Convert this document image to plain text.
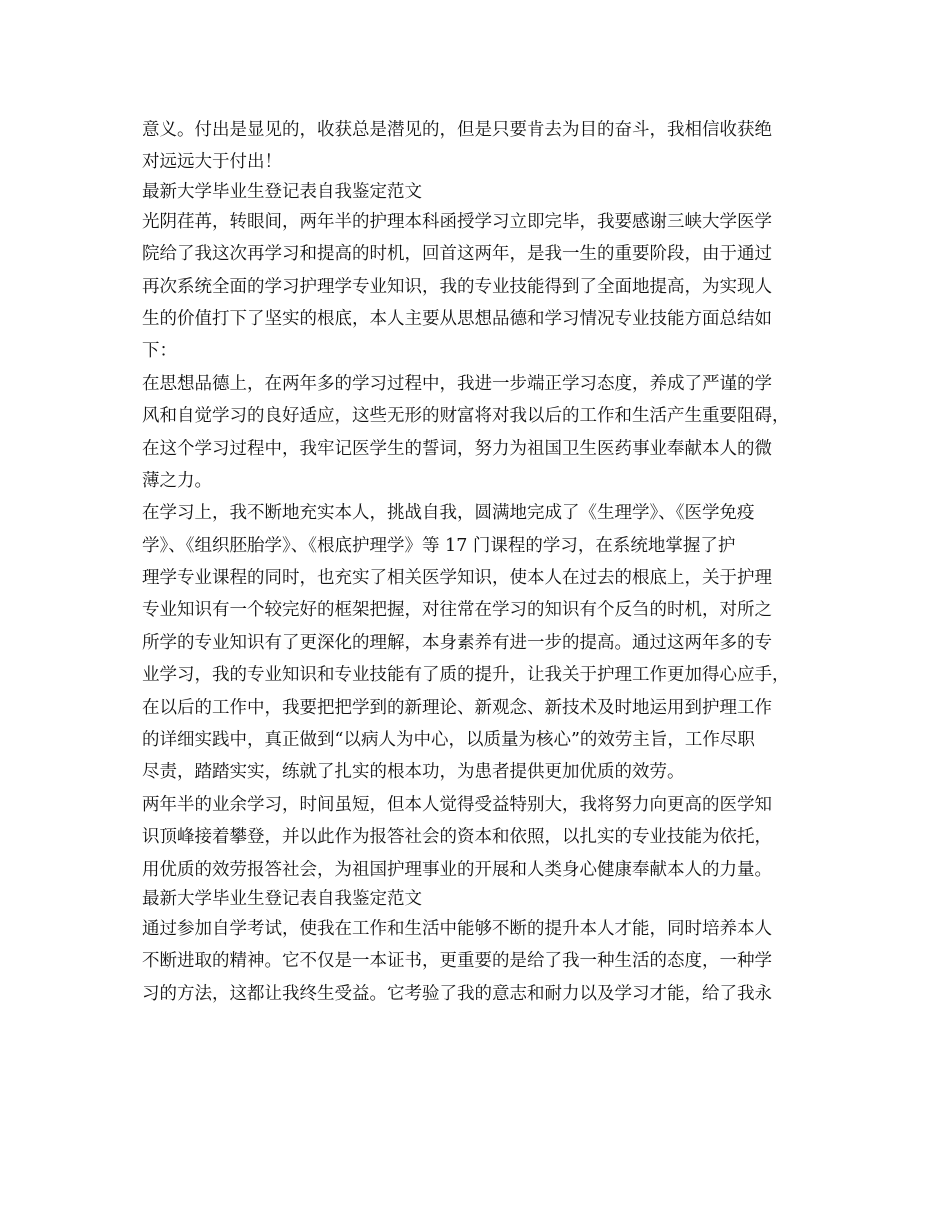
意义。付出是显见的，收获总是潜见的，但是只要肯去为目的奋斗，我相信收获绝
对远远大于付出！
最新大学毕业生登记表自我鉴定范文
光阴荏苒，转眼间，两年半的护理本科函授学习立即完毕，我要感谢三峡大学医学
院给了我这次再学习和提高的时机，回首这两年，是我一生的重要阶段，由于通过
再次系统全面的学习护理学专业知识，我的专业技能得到了全面地提高，为实现人
生的价值打下了坚实的根底，本人主要从思想品德和学习情况专业技能方面总结如
下：
在思想品德上，在两年多的学习过程中，我进一步端正学习态度，养成了严谨的学
风和自觉学习的良好适应，这些无形的财富将对我以后的工作和生活产生重要阻碍，
在这个学习过程中，我牢记医学生的誓词，努力为祖国卫生医药事业奉献本人的微
薄之力。
在学习上，我不断地充实本人，挑战自我，圆满地完成了《生理学》、《医学免疫
学》、《组织胚胎学》、《根底护理学》等 17 门课程的学习，在系统地掌握了护
理学专业课程的同时，也充实了相关医学知识，使本人在过去的根底上，关于护理
专业知识有一个较完好的框架把握，对往常在学习的知识有个反刍的时机，对所之
所学的专业知识有了更深化的理解，本身素养有进一步的提高。通过这两年多的专
业学习，我的专业知识和专业技能有了质的提升，让我关于护理工作更加得心应手，
在以后的工作中，我要把把学到的新理论、新观念、新技术及时地运用到护理工作
的详细实践中，真正做到“以病人为中心，以质量为核心”的效劳主旨，工作尽职
尽责，踏踏实实，练就了扎实的根本功，为患者提供更加优质的效劳。
两年半的业余学习，时间虽短，但本人觉得受益特别大，我将努力向更高的医学知
识顶峰接着攀登，并以此作为报答社会的资本和依照，以扎实的专业技能为依托，
用优质的效劳报答社会，为祖国护理事业的开展和人类身心健康奉献本人的力量。
最新大学毕业生登记表自我鉴定范文
通过参加自学考试，使我在工作和生活中能够不断的提升本人才能，同时培养本人
不断进取的精神。它不仅是一本证书，更重要的是给了我一种生活的态度，一种学
习的方法，这都让我终生受益。它考验了我的意志和耐力以及学习才能，给了我永
